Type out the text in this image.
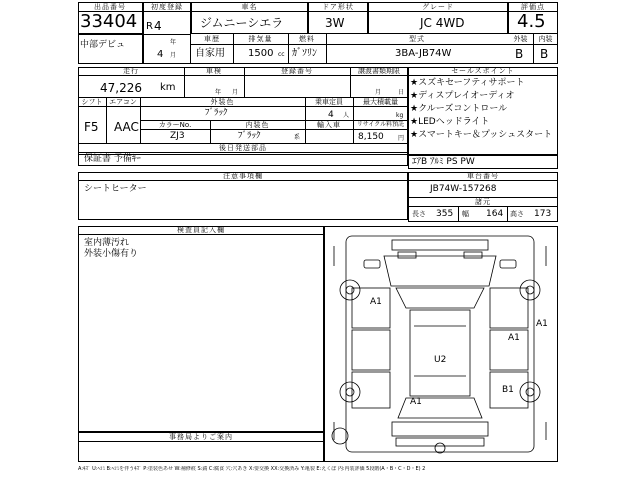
出品番号
33404
中部デビュ
初度登録
R 4
年
4 月
車名
ジムニーシエラ
ドア形状
3W
グレード
JC 4WD
評価点
4.5
車歴
自家用
排気量
1500 cc
燃料
ｶﾞｿﾘﾝ
型式
3BA-JB74W
外装	内装
B B
走行
47,226 km
車検
年 月
登録番号	譲渡書類期限
月	日
シフト エアコン
F5 AAC
外装色
ﾌﾞﾗｯｸ
乗車定員
4 人
最大積載量
kg
カラーNo.	内装色
ZJ3	ﾌﾞﾗｯｸ	系
輸入車	リサイクル料預託
8,150 円
後日発送部品
保証書 予備ｷｰ
セールスポイント
★スズキセーフティサポート
★ディスプレイオーディオ
★クルーズコントロール
★LEDヘッドライト
★スマートキー＆プッシュスタート
ｴｱB ｱﾙﾐ PS PW
注意事項欄
シートヒーター
車台番号
JB74W-157268
諸元
長さ 355 幅 164 高さ 173
検査員記入欄
室内薄汚れ
外装小傷有り
事務局よりご案内
A1
A1
A1
U2
B1
A1
A:ｷｽﾞ U:ﾍｺﾐ B:ﾍｺﾐを伴うｷｽﾞ P:塗装色あせ W:補修痕 S:錆 C:腐食 穴:穴あき X:要交換 XX:交換済み Y:亀裂 E:えくぼ 内:内装評価 5段階(A・B・C・D・E) 2
